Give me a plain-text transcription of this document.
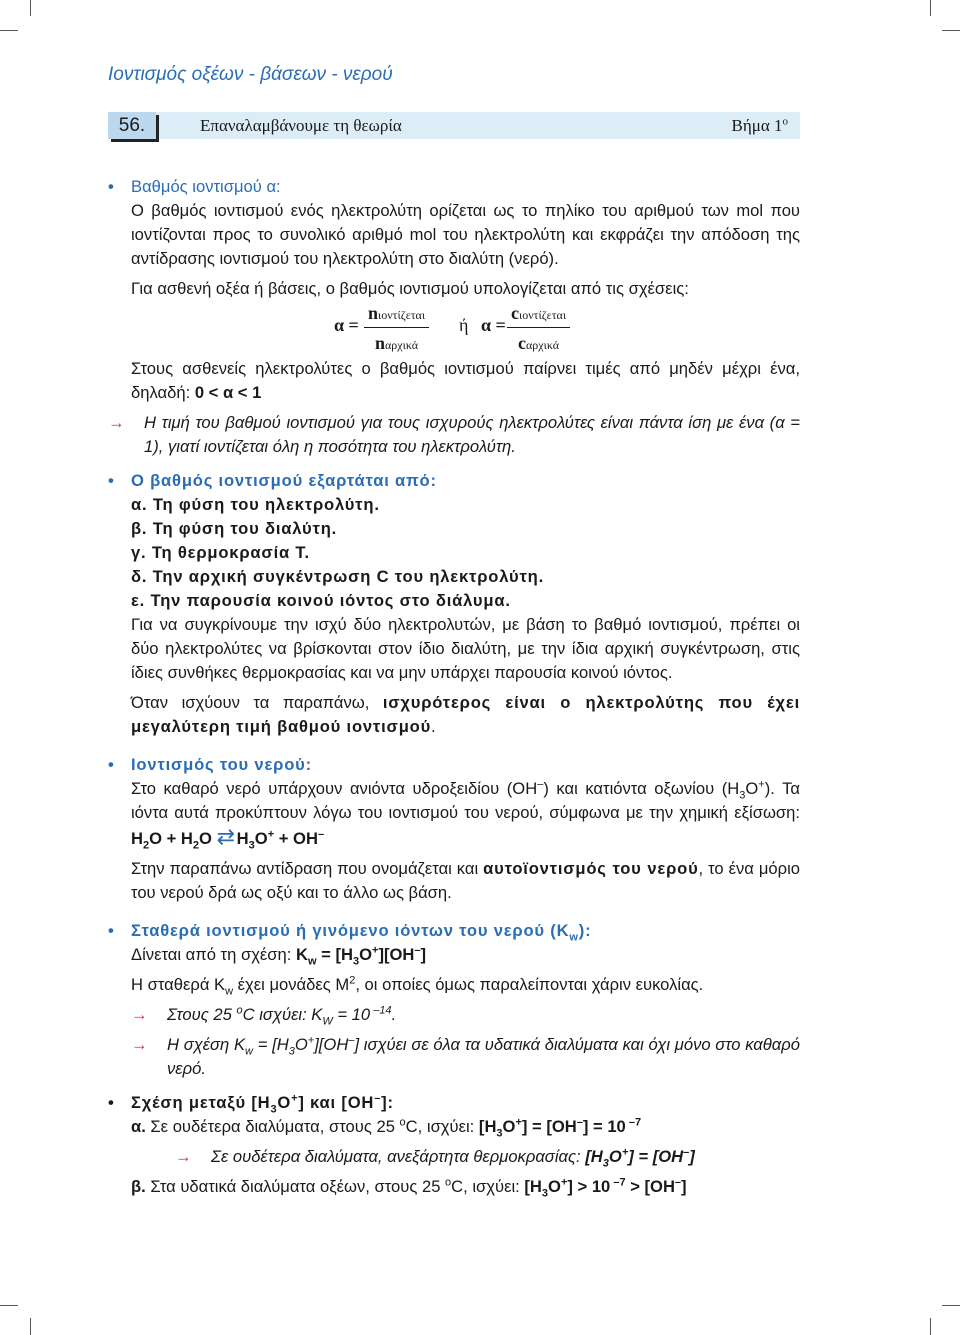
Ιοντισμός οξέων - βάσεων - νερού
56.	Επαναλαμβάνουμε τη θεωρία	Βήμα $1^o$
• Βαθμός ιοντισμού α:
Ο βαθμός ιοντισμού ενός ηλεκτρολύτη ορίζεται ως το πηλίκο του αριθμού των mol που ιοντίζονται προς το συνολικό αριθμό mol του ηλεκτρολύτη και εκφράζει την απόδοση της αντίδρασης ιοντισμού του ηλεκτρολύτη στο διαλύτη (νερό).
Για ασθενή οξέα ή βάσεις, ο βαθμός ιοντισμού υπολογίζεται από τις σχέσεις:
α =
nιοντίζεται
nαρχικά
ή α =
cιοντίζεται
cαρχικά
Στους ασθενείς ηλεκτρολύτες ο βαθμός ιοντισμού παίρνει τιμές από μηδέν μέχρι ένα, δηλαδή: 0 < α < 1
→ Η τιμή του βαθμού ιοντισμού για τους ισχυρούς ηλεκτρολύτες είναι πάντα ίση με ένα (α = 1), γιατί ιοντίζεται όλη η ποσότητα του ηλεκτρολύτη.
• Ο βαθμός ιοντισμού εξαρτάται από:
α. Τη φύση του ηλεκτρολύτη.
β. Τη φύση του διαλύτη.
γ. Τη θερμοκρασία Τ.
δ. Την αρχική συγκέντρωση C του ηλεκτρολύτη.
ε. Την παρουσία κοινού ιόντος στο διάλυμα.
Για να συγκρίνουμε την ισχύ δύο ηλεκτρολυτών, με βάση το βαθμό ιοντισμού, πρέπει οι δύο ηλεκτρολύτες να βρίσκονται στον ίδιο διαλύτη, με την ίδια αρχική συγκέντρωση, στις ίδιες συνθήκες θερμοκρασίας και να μην υπάρχει παρουσία κοινού ιόντος.
Όταν ισχύουν τα παραπάνω, ισχυρότερος είναι ο ηλεκτρολύτης που έχει μεγαλύτερη τιμή βαθμού ιοντισμού.
• Ιοντισμός του νερού:
Στο καθαρό νερό υπάρχουν ανιόντα υδροξειδίου (OH–) και κατιόντα οξωνίου $(H_3O^+)$. Τα ιόντα αυτά προκύπτουν λόγω του ιοντισμού του νερού, σύμφωνα με την χημική εξίσωση: $H_2O + H_2O$ ⇄ $H_3O^+ + OH^-$
Στην παραπάνω αντίδραση που ονομάζεται και αυτοϊοντισμός του νερού, το ένα μόριο του νερού δρά ως οξύ και το άλλο ως βάση.
• Σταθερά ιοντισμού ή γινόμενο ιόντων του νερού $(K_w)$:
Δίνεται από τη σχέση: $K_w = [H_3O^+][OH^-]$
Η σταθερά $K_w$ έχει μονάδες $M^2$, οι οποίες όμως παραλείπονται χάριν ευκολίας.
→ Στους 25 $^o$C ισχύει: $K_W = 10$ $^{-14}$.
→ Η σχέση $K_w = [H_3O^+][OH^-]$ ισχύει σε όλα τα υδατικά διαλύματα και όχι μόνο στο καθαρό νερό.
• Σχέση μεταξύ $[H_3O^+]$ και [OH–]:
α. Σε ουδέτερα διαλύματα, στους 25 $^o$C, ισχύει: $[H_3O^+] = [OH^-] = 10$ $^{-7}$
→ Σε ουδέτερα διαλύματα, ανεξάρτητα θερμοκρασίας: $[H_3O^+] = [OH^-]$
β. Στα υδατικά διαλύματα οξέων, στους 25 $^o$C, ισχύει: $[H_3O^+] > 10$ $^{-7}$ > [OH–]
